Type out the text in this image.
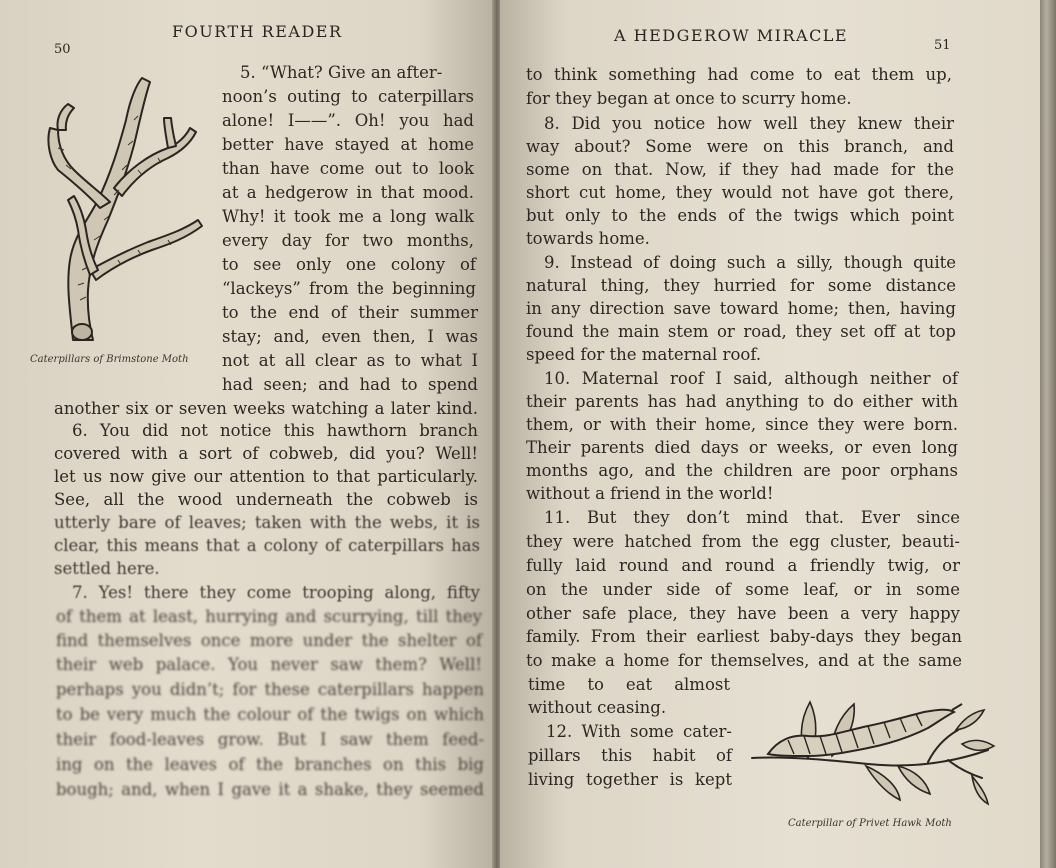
50
FOURTH READER
Caterpillars of Brimstone Moth
5. “What? Give an after-
noon’s outing to caterpillars
alone! I——”. Oh! you had
better have stayed at home
than have come out to look
at a hedgerow in that mood.
Why! it took me a long walk
every day for two months,
to see only one colony of
“lackeys” from the beginning
to the end of their summer
stay; and, even then, I was
not at all clear as to what I
had seen; and had to spend
another six or seven weeks watching a later kind.
6. You did not notice this hawthorn branch
covered with a sort of cobweb, did you? Well!
let us now give our attention to that particularly.
See, all the wood underneath the cobweb is
utterly bare of leaves; taken with the webs, it is
clear, this means that a colony of caterpillars has
settled here.
7. Yes! there they come trooping along, fifty
of them at least, hurrying and scurrying, till they
find themselves once more under the shelter of
their web palace. You never saw them? Well!
perhaps you didn’t; for these caterpillars happen
to be very much the colour of the twigs on which
their food-leaves grow. But I saw them feed-
ing on the leaves of the branches on this big
bough; and, when I gave it a shake, they seemed
A HEDGEROW MIRACLE
51
to think something had come to eat them up,
for they began at once to scurry home.
8. Did you notice how well they knew their
way about? Some were on this branch, and
some on that. Now, if they had made for the
short cut home, they would not have got there,
but only to the ends of the twigs which point
towards home.
9. Instead of doing such a silly, though quite
natural thing, they hurried for some distance
in any direction save toward home; then, having
found the main stem or road, they set off at top
speed for the maternal roof.
10. Maternal roof I said, although neither of
their parents has had anything to do either with
them, or with their home, since they were born.
Their parents died days or weeks, or even long
months ago, and the children are poor orphans
without a friend in the world!
11. But they don’t mind that. Ever since
they were hatched from the egg cluster, beauti-
fully laid round and round a friendly twig, or
on the under side of some leaf, or in some
other safe place, they have been a very happy
family. From their earliest baby-days they began
to make a home for themselves, and at the same
time to eat almost
without ceasing.
12. With some cater-
pillars this habit of
living together is kept
Caterpillar of Privet Hawk Moth
